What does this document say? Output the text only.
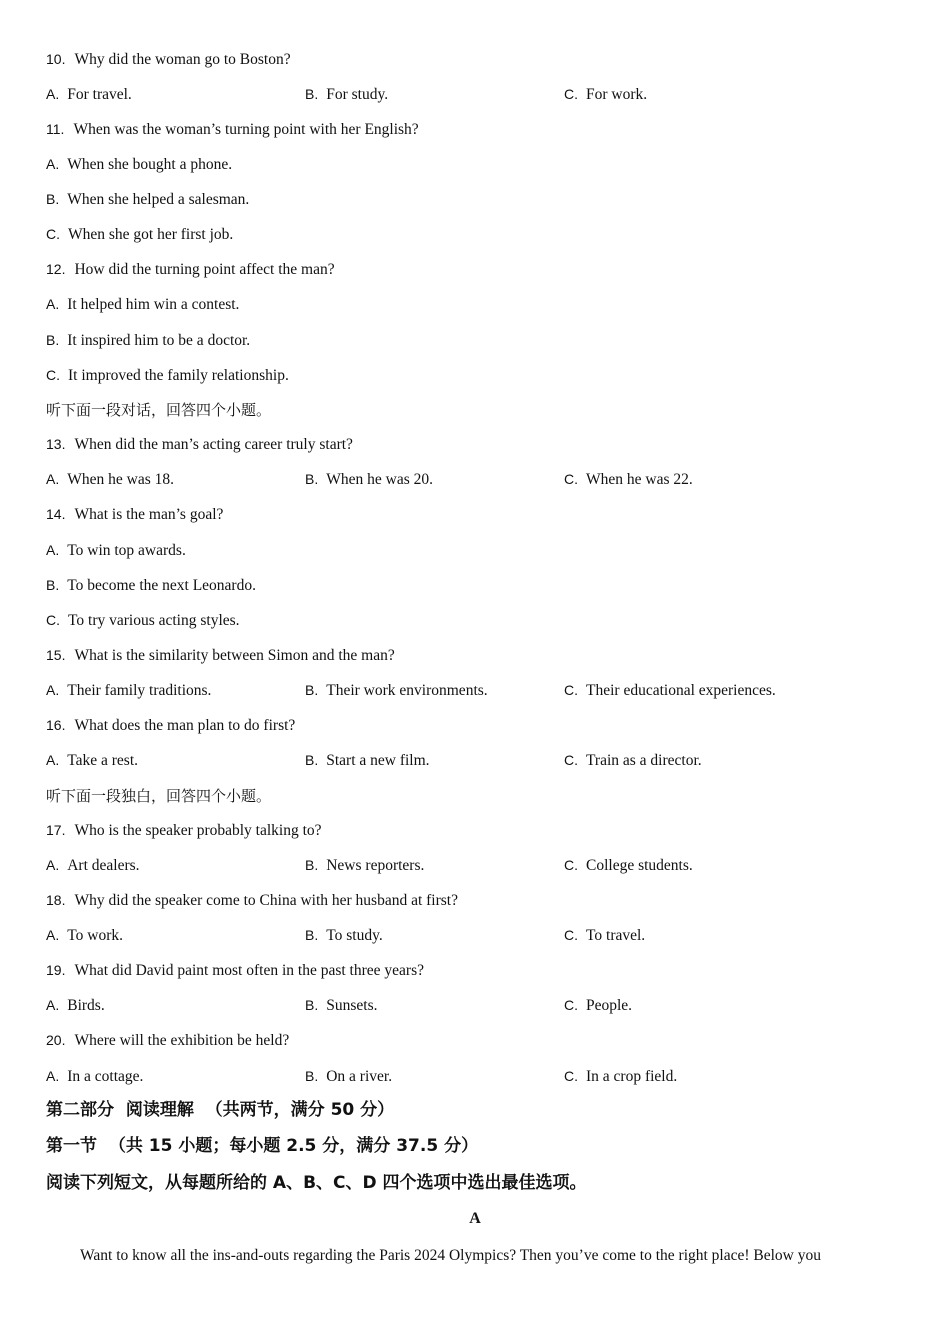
10. Why did the woman go to Boston?
A. For travel.	B. For study.	C. For work.
11. When was the woman’s turning point with her English?
A. When she bought a phone.
B. When she helped a salesman.
C. When she got her first job.
12. How did the turning point affect the man?
A. It helped him win a contest.
B. It inspired him to be a doctor.
C. It improved the family relationship.
听下面一段对话，回答四个小题。
13. When did the man’s acting career truly start?
A. When he was 18.	B. When he was 20.	C. When he was 22.
14. What is the man’s goal?
A. To win top awards.
B. To become the next Leonardo.
C. To try various acting styles.
15. What is the similarity between Simon and the man?
A. Their family traditions.	B. Their work environments.	C. Their educational experiences.
16. What does the man plan to do first?
A. Take a rest.	B. Start a new film.	C. Train as a director.
听下面一段独白，回答四个小题。
17. Who is the speaker probably talking to?
A. Art dealers.	B. News reporters.	C. College students.
18. Why did the speaker come to China with her husband at first?
A. To work.	B. To study.	C. To travel.
19. What did David paint most often in the past three years?
A. Birds.	B. Sunsets.	C. People.
20. Where will the exhibition be held?
A. In a cottage.	B. On a river.	C. In a crop field.
第二部分  阅读理解  （共两节，满分 50 分）
第一节  （共 15 小题；每小题 2.5 分，满分 37.5 分）
阅读下列短文，从每题所给的 A、B、C、D 四个选项中选出最佳选项。
A
Want to know all the ins-and-outs regarding the Paris 2024 Olympics? Then you’ve come to the right place! Below you
